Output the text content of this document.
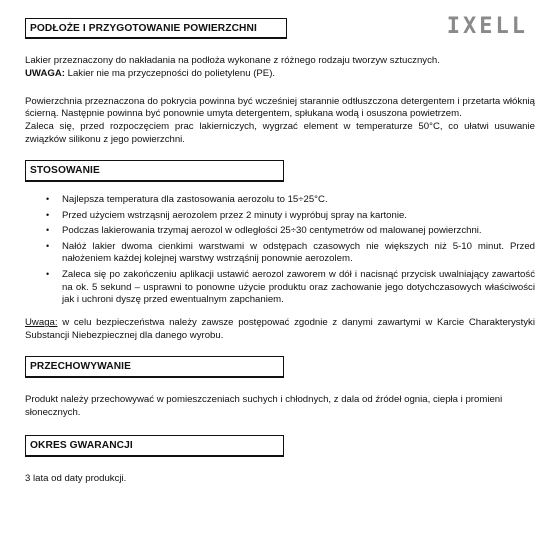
IXELL
PODŁOŻE I PRZYGOTOWANIE POWIERZCHNI

Lakier przeznaczony do nakładania na podłoża wykonane z różnego rodzaju tworzyw sztucznych.

UWAGA: Lakier nie ma przyczepności do polietylenu (PE).

Powierzchnia przeznaczona do pokrycia powinna być wcześniej starannie odtłuszczona detergentem i przetarta włóknią ścierną. Następnie powinna być ponownie umyta detergentem, spłukana wodą i osuszona powietrzem.

Zaleca się, przed rozpoczęciem prac lakierniczych, wygrzać element w temperaturze 50°C, co ułatwi usuwanie związków silikonu z jego powierzchni.

STOSOWANIE
• Najlepsza temperatura dla zastosowania aerozolu to 15÷25°C.
• Przed użyciem wstrząsnij aerozolem przez 2 minuty i wypróbuj spray na kartonie.
• Podczas lakierowania trzymaj aerozol w odległości 25÷30 centymetrów od malowanej powierzchni.
• Nałóż lakier dwoma cienkimi warstwami w odstępach czasowych nie większych niż 5-10 minut. Przed nałożeniem każdej kolejnej warstwy wstrząśnij ponownie aerozolem.
• Zaleca się po zakończeniu aplikacji ustawić aerozol zaworem w dół i nacisnąć przycisk uwalniający zawartość na ok. 5 sekund – usprawni to ponowne użycie produktu oraz zachowanie jego dotychczasowych właściwości jak i uchroni dyszę przed ewentualnym zapchaniem.

Uwaga: w celu bezpieczeństwa należy zawsze postępować zgodnie z danymi zawartymi w Karcie Charakterystyki Substancji Niebezpiecznej dla danego wyrobu.

PRZECHOWYWANIE

Produkt należy przechowywać w pomieszczeniach suchych i chłodnych, z dala od źródeł ognia, ciepła i promieni słonecznych.

OKRES GWARANCJI

3 lata od daty produkcji.
